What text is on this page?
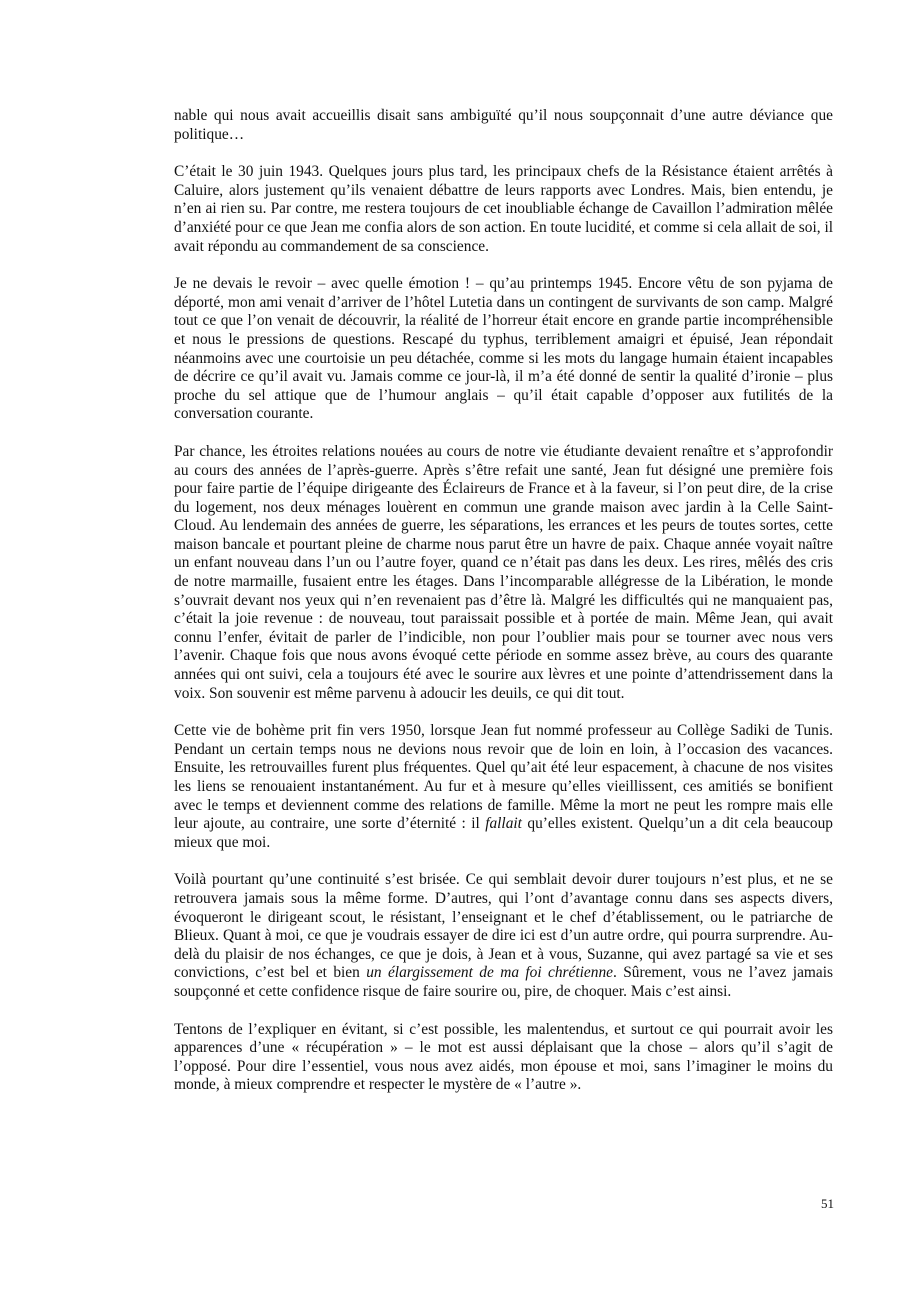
nable qui nous avait accueillis disait sans ambiguïté qu’il nous soupçonnait d’une autre déviance que politique…

C’était le 30 juin 1943. Quelques jours plus tard, les principaux chefs de la Résistance étaient arrêtés à Caluire, alors justement qu’ils venaient débattre de leurs rapports avec Londres. Mais, bien entendu, je n’en ai rien su. Par contre, me restera toujours de cet inoubliable échange de Cavaillon l’admiration mêlée d’anxiété pour ce que Jean me confia alors de son action. En toute lucidité, et comme si cela allait de soi, il avait répondu au commandement de sa conscience.

Je ne devais le revoir – avec quelle émotion ! – qu’au printemps 1945. Encore vêtu de son pyjama de déporté, mon ami venait d’arriver de l’hôtel Lutetia dans un contingent de survivants de son camp. Malgré tout ce que l’on venait de découvrir, la réalité de l’horreur était encore en grande partie incompréhensible et nous le pressions de questions. Rescapé du typhus, terriblement amaigri et épuisé, Jean répondait néanmoins avec une courtoisie un peu détachée, comme si les mots du langage humain étaient incapables de décrire ce qu’il avait vu. Jamais comme ce jour-là, il m’a été donné de sentir la qualité d’ironie – plus proche du sel attique que de l’humour anglais – qu’il était capable d’opposer aux futilités de la conversation courante.

Par chance, les étroites relations nouées au cours de notre vie étudiante devaient renaître et s’approfondir au cours des années de l’après-guerre. Après s’être refait une santé, Jean fut désigné une première fois pour faire partie de l’équipe dirigeante des Éclaireurs de France et à la faveur, si l’on peut dire, de la crise du logement, nos deux ménages louèrent en commun une grande maison avec jardin à la Celle Saint-Cloud. Au lendemain des années de guerre, les séparations, les errances et les peurs de toutes sortes, cette maison bancale et pourtant pleine de charme nous parut être un havre de paix. Chaque année voyait naître un enfant nouveau dans l’un ou l’autre foyer, quand ce n’était pas dans les deux. Les rires, mêlés des cris de notre marmaille, fusaient entre les étages. Dans l’incomparable allégresse de la Libération, le monde s’ouvrait devant nos yeux qui n’en revenaient pas d’être là. Malgré les difficultés qui ne manquaient pas, c’était la joie revenue : de nouveau, tout paraissait possible et à portée de main. Même Jean, qui avait connu l’enfer, évitait de parler de l’indicible, non pour l’oublier mais pour se tourner avec nous vers l’avenir. Chaque fois que nous avons évoqué cette période en somme assez brève, au cours des quarante années qui ont suivi, cela a toujours été avec le sourire aux lèvres et une pointe d’attendrissement dans la voix. Son souvenir est même parvenu à adoucir les deuils, ce qui dit tout.

Cette vie de bohème prit fin vers 1950, lorsque Jean fut nommé professeur au Collège Sadiki de Tunis. Pendant un certain temps nous ne devions nous revoir que de loin en loin, à l’occasion des vacances. Ensuite, les retrouvailles furent plus fréquentes. Quel qu’ait été leur espacement, à chacune de nos visites les liens se renouaient instantanément. Au fur et à mesure qu’elles vieillissent, ces amitiés se bonifient avec le temps et deviennent comme des relations de famille. Même la mort ne peut les rompre mais elle leur ajoute, au contraire, une sorte d’éternité : il fallait qu’elles existent. Quelqu’un a dit cela beaucoup mieux que moi.

Voilà pourtant qu’une continuité s’est brisée. Ce qui semblait devoir durer toujours n’est plus, et ne se retrouvera jamais sous la même forme. D’autres, qui l’ont d’avantage connu dans ses aspects divers, évoqueront le dirigeant scout, le résistant, l’enseignant et le chef d’établissement, ou le patriarche de Blieux. Quant à moi, ce que je voudrais essayer de dire ici est d’un autre ordre, qui pourra surprendre. Au-delà du plaisir de nos échanges, ce que je dois, à Jean et à vous, Suzanne, qui avez partagé sa vie et ses convictions, c’est bel et bien un élargissement de ma foi chrétienne. Sûrement, vous ne l’avez jamais soupçonné et cette confidence risque de faire sourire ou, pire, de choquer. Mais c’est ainsi.

Tentons de l’expliquer en évitant, si c’est possible, les malentendus, et surtout ce qui pourrait avoir les apparences d’une « récupération » – le mot est aussi déplaisant que la chose – alors qu’il s’agit de l’opposé. Pour dire l’essentiel, vous nous avez aidés, mon épouse et moi, sans l’imaginer le moins du monde, à mieux comprendre et respecter le mystère de « l’autre ».

51
